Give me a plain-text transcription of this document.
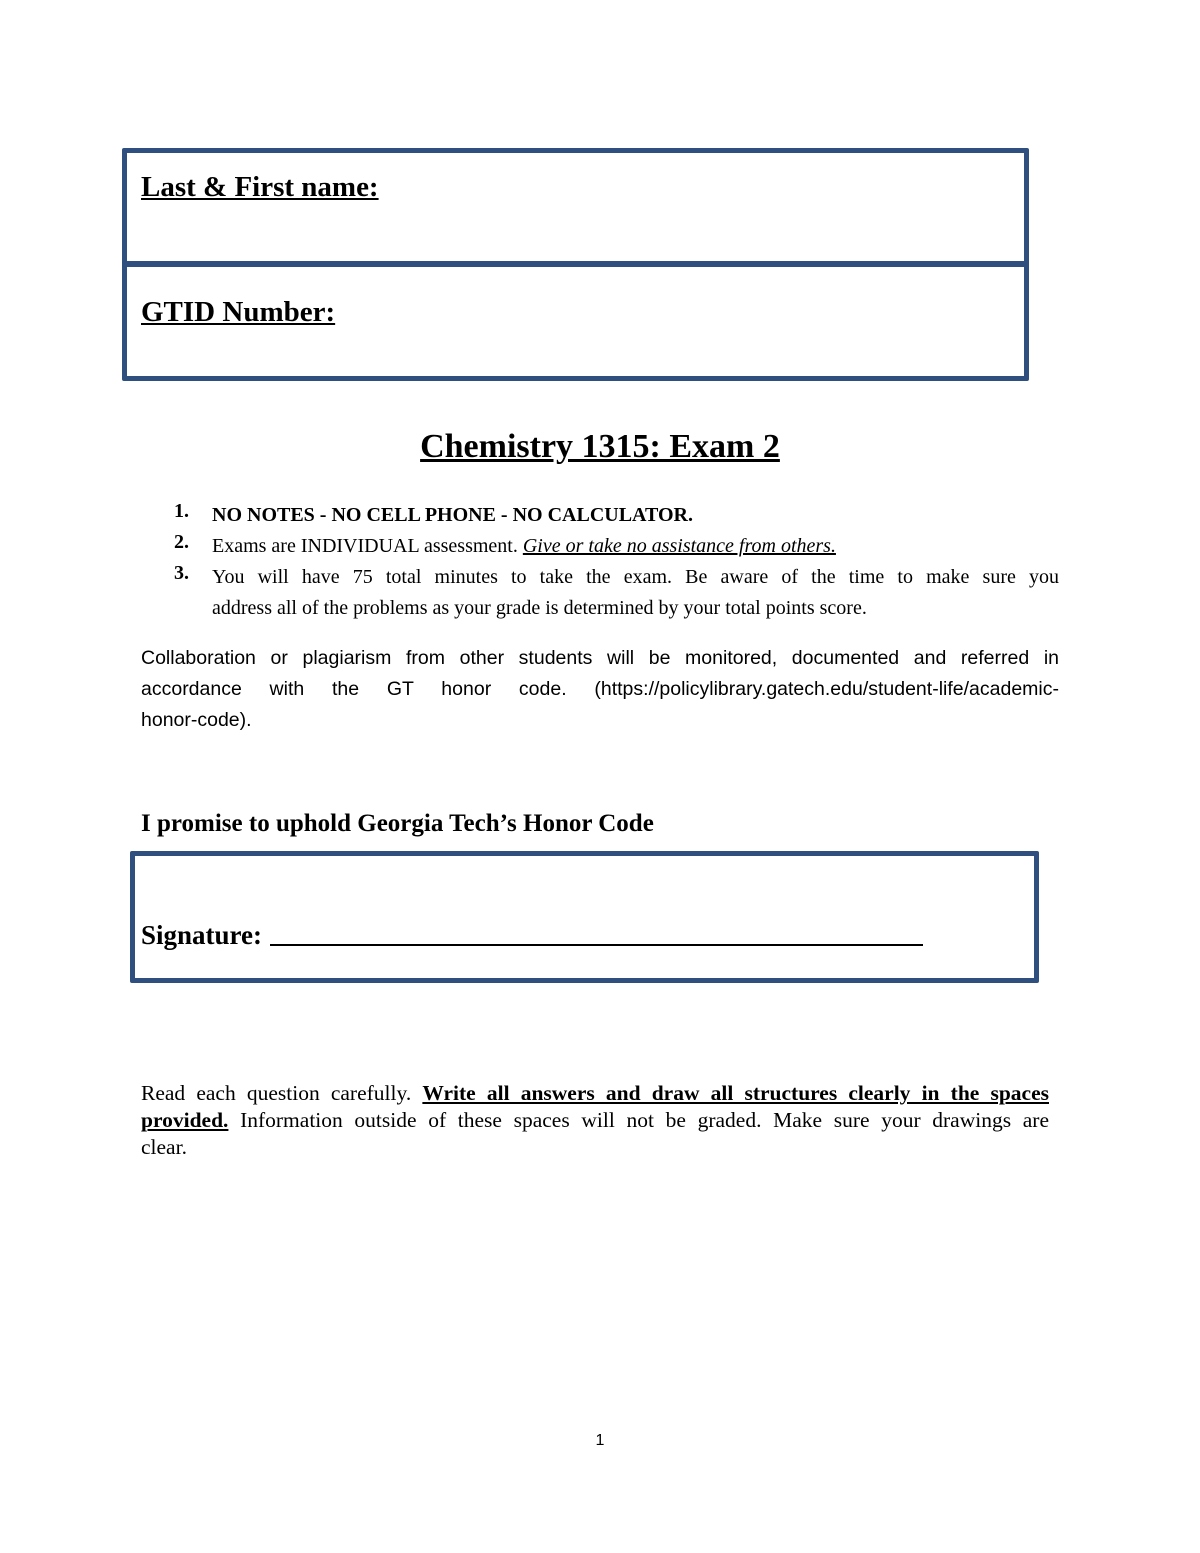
Last & First name:
GTID Number:
Chemistry 1315: Exam 2
1. NO NOTES - NO CELL PHONE - NO CALCULATOR.
2. Exams are INDIVIDUAL assessment. Give or take no assistance from others.
3. You will have 75 total minutes to take the exam. Be aware of the time to make sure you
address all of the problems as your grade is determined by your total points score.
Collaboration or plagiarism from other students will be monitored, documented and referred in
accordance with the GT honor code. (https://policylibrary.gatech.edu/student-life/academic-
honor-code).
I promise to uphold Georgia Tech’s Honor Code
Signature:
Read each question carefully. Write all answers and draw all structures clearly in the spaces
provided. Information outside of these spaces will not be graded. Make sure your drawings are
clear.
1
